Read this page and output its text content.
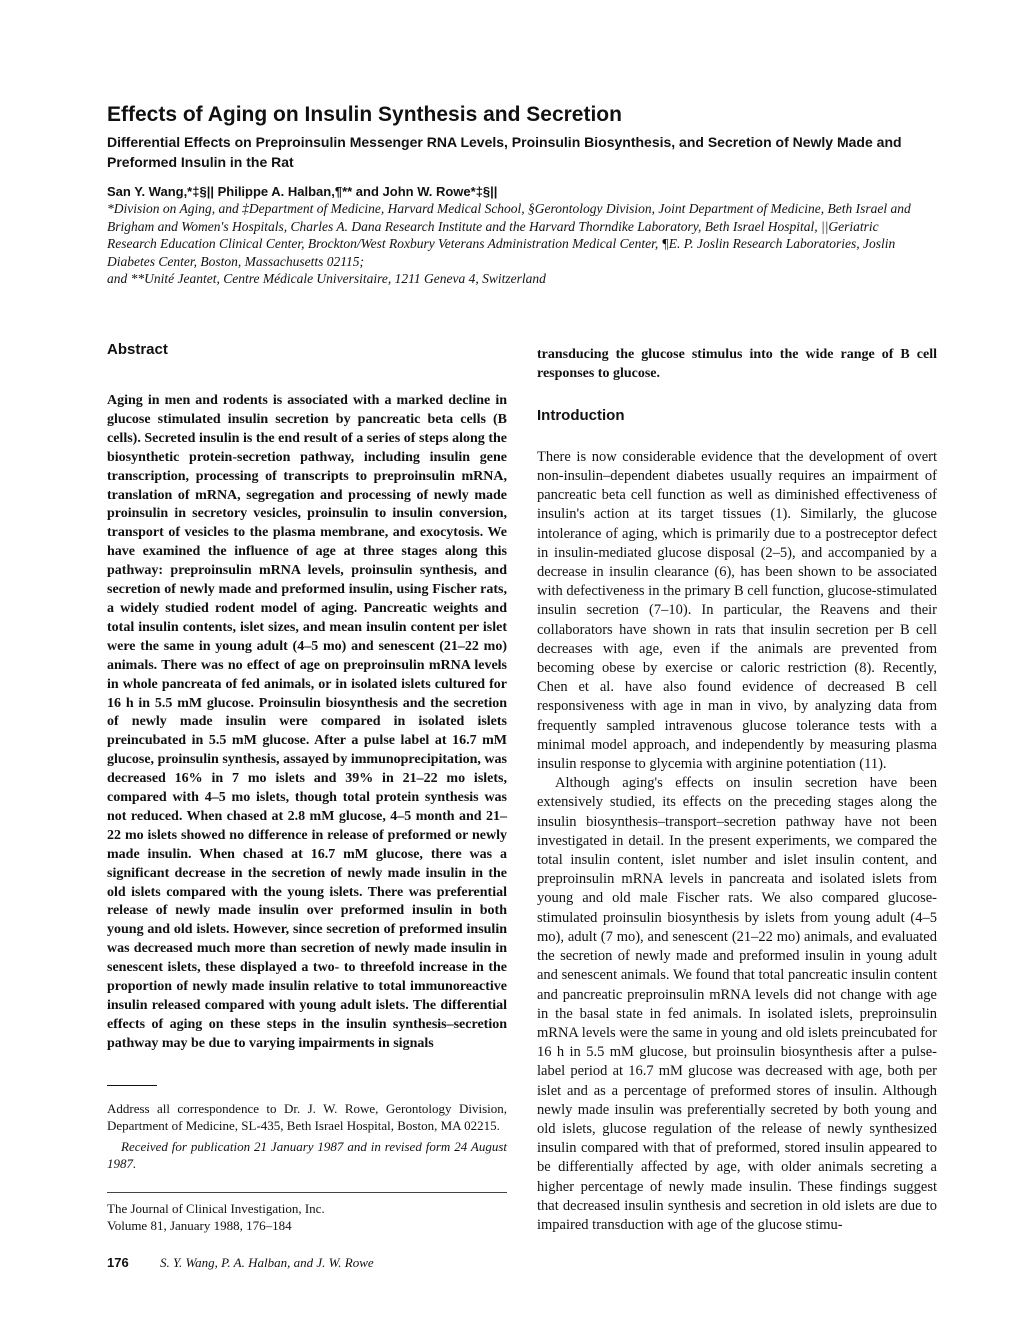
Effects of Aging on Insulin Synthesis and Secretion
Differential Effects on Preproinsulin Messenger RNA Levels, Proinsulin Biosynthesis, and Secretion of Newly Made and Preformed Insulin in the Rat
San Y. Wang,*‡§|| Philippe A. Halban,¶** and John W. Rowe*‡§||

*Division on Aging, and ‡Department of Medicine, Harvard Medical School, §Gerontology Division, Joint Department of Medicine, Beth Israel and Brigham and Women's Hospitals, Charles A. Dana Research Institute and the Harvard Thorndike Laboratory, Beth Israel Hospital, ||Geriatric Research Education Clinical Center, Brockton/West Roxbury Veterans Administration Medical Center, ¶E. P. Joslin Research Laboratories, Joslin Diabetes Center, Boston, Massachusetts 02115;

and **Unité Jeantet, Centre Médicale Universitaire, 1211 Geneva 4, Switzerland

Abstract

Aging in men and rodents is associated with a marked decline in glucose stimulated insulin secretion by pancreatic beta cells (B cells). Secreted insulin is the end result of a series of steps along the biosynthetic protein-secretion pathway, including insulin gene transcription, processing of transcripts to preproinsulin mRNA, translation of mRNA, segregation and processing of newly made proinsulin in secretory vesicles, proinsulin to insulin conversion, transport of vesicles to the plasma membrane, and exocytosis. We have examined the influence of age at three stages along this pathway: preproinsulin mRNA levels, proinsulin synthesis, and secretion of newly made and preformed insulin, using Fischer rats, a widely studied rodent model of aging. Pancreatic weights and total insulin contents, islet sizes, and mean insulin content per islet were the same in young adult (4–5 mo) and senescent (21–22 mo) animals. There was no effect of age on preproinsulin mRNA levels in whole pancreata of fed animals, or in isolated islets cultured for 16 h in 5.5 mM glucose. Proinsulin biosynthesis and the secretion of newly made insulin were compared in isolated islets preincubated in 5.5 mM glucose. After a pulse label at 16.7 mM glucose, proinsulin synthesis, assayed by immunoprecipitation, was decreased 16% in 7 mo islets and 39% in 21–22 mo islets, compared with 4–5 mo islets, though total protein synthesis was not reduced. When chased at 2.8 mM glucose, 4–5 month and 21–22 mo islets showed no difference in release of preformed or newly made insulin. When chased at 16.7 mM glucose, there was a significant decrease in the secretion of newly made insulin in the old islets compared with the young islets. There was preferential release of newly made insulin over preformed insulin in both young and old islets. However, since secretion of preformed insulin was decreased much more than secretion of newly made insulin in senescent islets, these displayed a two- to threefold increase in the proportion of newly made insulin relative to total immunoreactive insulin released compared with young adult islets. The differential effects of aging on these steps in the insulin synthesis–secretion pathway may be due to varying impairments in signals

transducing the glucose stimulus into the wide range of B cell responses to glucose.

Introduction

There is now considerable evidence that the development of overt non-insulin–dependent diabetes usually requires an impairment of pancreatic beta cell function as well as diminished effectiveness of insulin's action at its target tissues (1). Similarly, the glucose intolerance of aging, which is primarily due to a postreceptor defect in insulin-mediated glucose disposal (2–5), and accompanied by a decrease in insulin clearance (6), has been shown to be associated with defectiveness in the primary B cell function, glucose-stimulated insulin secretion (7–10). In particular, the Reavens and their collaborators have shown in rats that insulin secretion per B cell decreases with age, even if the animals are prevented from becoming obese by exercise or caloric restriction (8). Recently, Chen et al. have also found evidence of decreased B cell responsiveness with age in man in vivo, by analyzing data from frequently sampled intravenous glucose tolerance tests with a minimal model approach, and independently by measuring plasma insulin response to glycemia with arginine potentiation (11).

Although aging's effects on insulin secretion have been extensively studied, its effects on the preceding stages along the insulin biosynthesis–transport–secretion pathway have not been investigated in detail. In the present experiments, we compared the total insulin content, islet number and islet insulin content, and preproinsulin mRNA levels in pancreata and isolated islets from young and old male Fischer rats. We also compared glucose-stimulated proinsulin biosynthesis by islets from young adult (4–5 mo), adult (7 mo), and senescent (21–22 mo) animals, and evaluated the secretion of newly made and preformed insulin in young adult and senescent animals. We found that total pancreatic insulin content and pancreatic preproinsulin mRNA levels did not change with age in the basal state in fed animals. In isolated islets, preproinsulin mRNA levels were the same in young and old islets preincubated for 16 h in 5.5 mM glucose, but proinsulin biosynthesis after a pulse-label period at 16.7 mM glucose was decreased with age, both per islet and as a percentage of preformed stores of insulin. Although newly made insulin was preferentially secreted by both young and old islets, glucose regulation of the release of newly synthesized insulin compared with that of preformed, stored insulin appeared to be differentially affected by age, with older animals secreting a higher percentage of newly made insulin. These findings suggest that decreased insulin synthesis and secretion in old islets are due to impaired transduction with age of the glucose stimu-

Address all correspondence to Dr. J. W. Rowe, Gerontology Division, Department of Medicine, SL-435, Beth Israel Hospital, Boston, MA 02215.

Received for publication 21 January 1987 and in revised form 24 August 1987.

The Journal of Clinical Investigation, Inc.

Volume 81, January 1988, 176–184

176 S. Y. Wang, P. A. Halban, and J. W. Rowe
